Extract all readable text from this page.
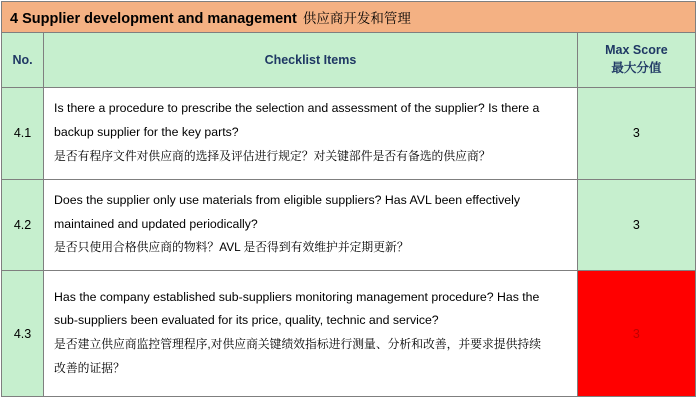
4 Supplier development and management 供应商开发和管理		
No.	Checklist Items	Max Score
最大分值

4.1	Is there a procedure to prescribe the selection and assessment of the supplier? Is there a
backup supplier for the key parts?
是否有程序文件对供应商的选择及评估进行规定？对关键部件是否有备选的供应商？	3
4.2	Does the supplier only use materials from eligible suppliers? Has AVL been effectively
maintained and updated periodically?
是否只使用合格供应商的物料？AVL 是否得到有效维护并定期更新？	3
4.3	Has the company established sub-suppliers monitoring management procedure? Has the
sub-suppliers been evaluated for its price, quality, technic and service?
是否建立供应商监控管理程序,对供应商关键绩效指标进行测量、分析和改善，并要求提供持续
改善的证据？	3
